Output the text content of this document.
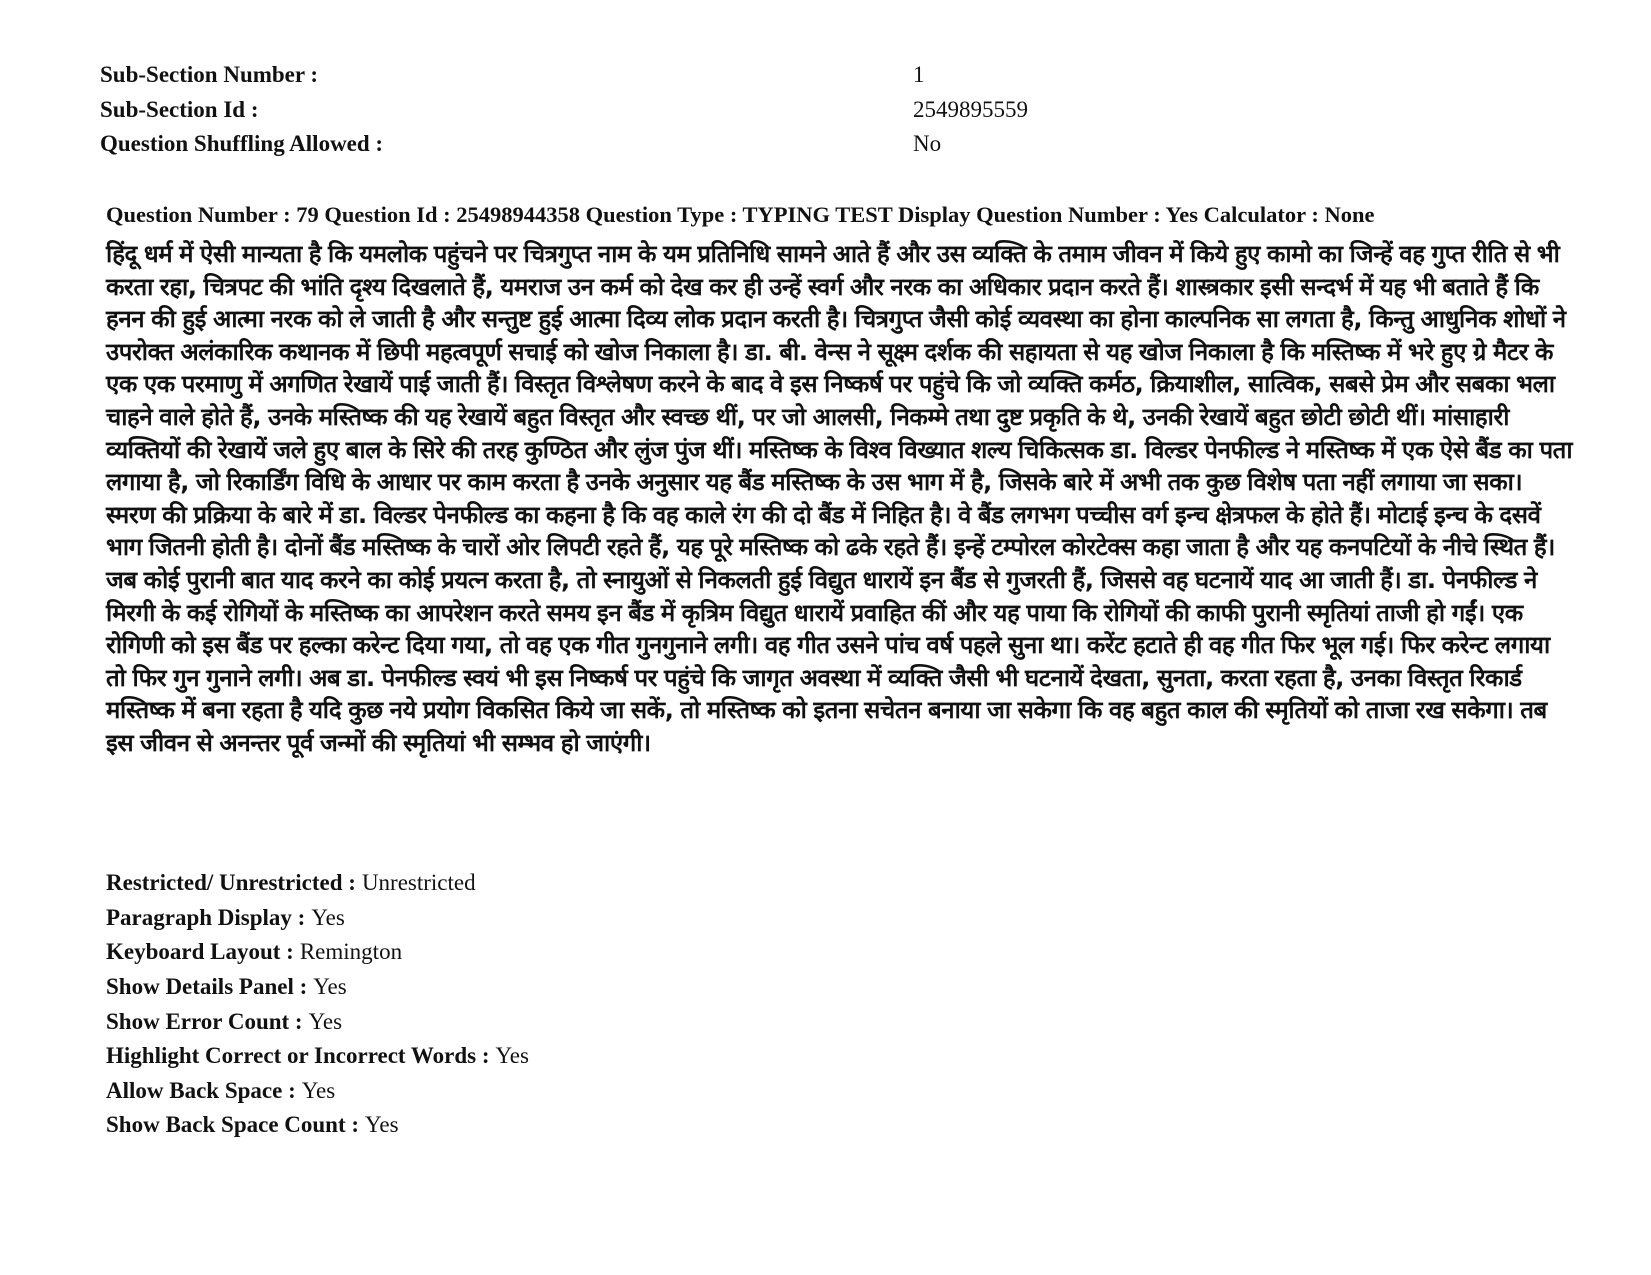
Sub-Section Number :	1
Sub-Section Id :	2549895559
Question Shuffling Allowed :	No
Question Number : 79 Question Id : 25498944358 Question Type : TYPING TEST Display Question Number : Yes Calculator : None
हिंदू धर्म में ऐसी मान्यता है कि यमलोक पहुंचने पर चित्रगुप्त नाम के यम प्रतिनिधि सामने आते हैं और उस व्यक्ति के तमाम जीवन में किये हुए कामो का जिन्हें वह गुप्त रीति से भी करता रहा, चित्रपट की भांति दृश्य दिखलाते हैं, यमराज उन कर्म को देख कर ही उन्हें स्वर्ग और नरक का अधिकार प्रदान करते हैं। शास्त्रकार इसी सन्दर्भ में यह भी बताते हैं कि हनन की हुई आत्मा नरक को ले जाती है और सन्तुष्ट हुई आत्मा दिव्य लोक प्रदान करती है। चित्रगुप्त जैसी कोई व्यवस्था का होना काल्पनिक सा लगता है, किन्तु आधुनिक शोधों ने उपरोक्त अलंकारिक कथानक में छिपी महत्वपूर्ण सचाई को खोज निकाला है। डा. बी. वेन्स ने सूक्ष्म दर्शक की सहायता से यह खोज निकाला है कि मस्तिष्क में भरे हुए ग्रे मैटर के एक एक परमाणु में अगणित रेखायें पाई जाती हैं। विस्तृत विश्लेषण करने के बाद वे इस निष्कर्ष पर पहुंचे कि जो व्यक्ति कर्मठ, क्रियाशील, सात्विक, सबसे प्रेम और सबका भला चाहने वाले होते हैं, उनके मस्तिष्क की यह रेखायें बहुत विस्तृत और स्वच्छ थीं, पर जो आलसी, निकम्मे तथा दुष्ट प्रकृति के थे, उनकी रेखायें बहुत छोटी छोटी थीं। मांसाहारी व्यक्तियों की रेखायें जले हुए बाल के सिरे की तरह कुण्ठित और लुंज पुंज थीं। मस्तिष्क के विश्व विख्यात शल्य चिकित्सक डा. विल्डर पेनफील्ड ने मस्तिष्क में एक ऐसे बैंड का पता लगाया है, जो रिकार्डिंग विधि के आधार पर काम करता है उनके अनुसार यह बैंड मस्तिष्क के उस भाग में है, जिसके बारे में अभी तक कुछ विशेष पता नहीं लगाया जा सका। स्मरण की प्रक्रिया के बारे में डा. विल्डर पेनफील्ड का कहना है कि वह काले रंग की दो बैंड में निहित है। वे बैंड लगभग पच्चीस वर्ग इन्च क्षेत्रफल के होते हैं। मोटाई इन्च के दसवें भाग जितनी होती है। दोनों बैंड मस्तिष्क के चारों ओर लिपटी रहते हैं, यह पूरे मस्तिष्क को ढके रहते हैं। इन्हें टम्पोरल कोरटेक्स कहा जाता है और यह कनपटियों के नीचे स्थित हैं। जब कोई पुरानी बात याद करने का कोई प्रयत्न करता है, तो स्नायुओं से निकलती हुई विद्युत धारायें इन बैंड से गुजरती हैं, जिससे वह घटनायें याद आ जाती हैं। डा. पेनफील्ड ने मिरगी के कई रोगियों के मस्तिष्क का आपरेशन करते समय इन बैंड में कृत्रिम विद्युत धारायें प्रवाहित कीं और यह पाया कि रोगियों की काफी पुरानी स्मृतियां ताजी हो गईं। एक रोगिणी को इस बैंड पर हल्का करेन्ट दिया गया, तो वह एक गीत गुनगुनाने लगी। वह गीत उसने पांच वर्ष पहले सुना था। करेंट हटाते ही वह गीत फिर भूल गई। फिर करेन्ट लगाया तो फिर गुन गुनाने लगी। अब डा. पेनफील्ड स्वयं भी इस निष्कर्ष पर पहुंचे कि जागृत अवस्था में व्यक्ति जैसी भी घटनायें देखता, सुनता, करता रहता है, उनका विस्तृत रिकार्ड मस्तिष्क में बना रहता है यदि कुछ नये प्रयोग विकसित किये जा सकें, तो मस्तिष्क को इतना सचेतन बनाया जा सकेगा कि वह बहुत काल की स्मृतियों को ताजा रख सकेगा। तब इस जीवन से अनन्तर पूर्व जन्मों की स्मृतियां भी सम्भव हो जाएंगी।
Restricted/ Unrestricted : Unrestricted
Paragraph Display : Yes
Keyboard Layout : Remington
Show Details Panel : Yes
Show Error Count : Yes
Highlight Correct or Incorrect Words : Yes
Allow Back Space : Yes
Show Back Space Count : Yes
